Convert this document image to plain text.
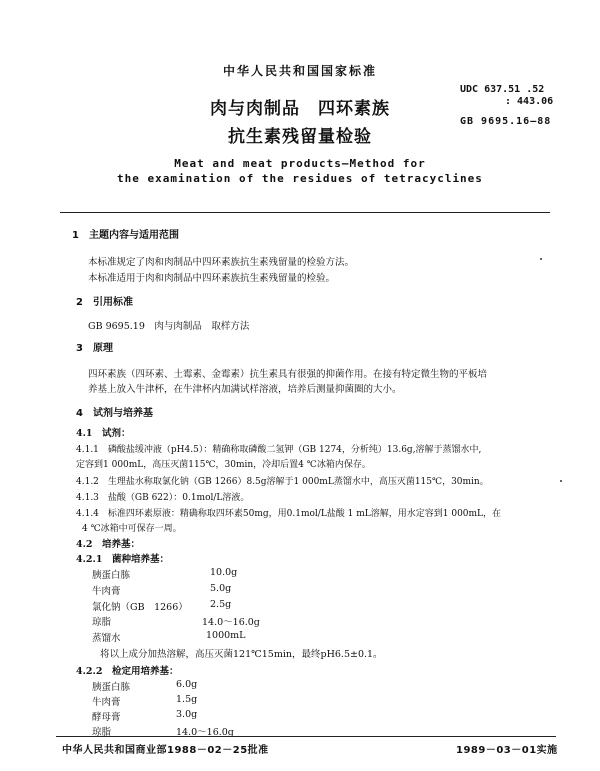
中华人民共和国国家标准
肉与肉制品　四环素族
抗生素残留量检验
UDC 637.51 .52
: 443.06
GB 9695.16—88
Meat and meat products—Method for
the examination of the residues of tetracyclines
1　主题内容与适用范围
本标准规定了肉和肉制品中四环素族抗生素残留量的检验方法。
本标准适用于肉和肉制品中四环素族抗生素残留量的检验。
2　引用标准
GB 9695.19　肉与肉制品　取样方法
3　原理
四环素族（四环素、土霉素、金霉素）抗生素具有很强的抑菌作用。在接有特定微生物的平板培
养基上放入牛津杯，在牛津杯内加满试样溶液，培养后测量抑菌圈的大小。
4　试剂与培养基
4.1　试剂：
4.1.1　磷酸盐缓冲液（pH4.5）：精确称取磷酸二氢钾（GB 1274，分析纯）13.6g,溶解于蒸馏水中,
定容到1 000mL，高压灭菌115℃，30min，冷却后置4 ℃冰箱内保存。
4.1.2　生理盐水称取氯化钠（GB 1266）8.5g溶解于1 000mL蒸馏水中，高压灭菌115℃，30min。
4.1.3　盐酸（GB 622）：0.1mol/L溶液。
4.1.4　标准四环素原液：精确称取四环素50mg，用0.1mol/L盐酸 1 mL溶解，用水定容到1 000mL，在
4 ℃冰箱中可保存一周。
4.2　培养基：
4.2.1　菌种培养基：
胰蛋白胨	10.0g
牛肉膏	5.0g
氯化钠（GB　1266） 2.5g
琼脂	14.0～16.0g
蒸馏水	1000mL
将以上成分加热溶解，高压灭菌121℃15min，最终pH6.5±0.1。
4.2.2　检定用培养基：
胰蛋白胨	6.0g
牛肉膏	1.5g
酵母膏	3.0g
琼脂	14.0～16.0g
中华人民共和国商业部1988－02－25批准	1989－03－01实施
